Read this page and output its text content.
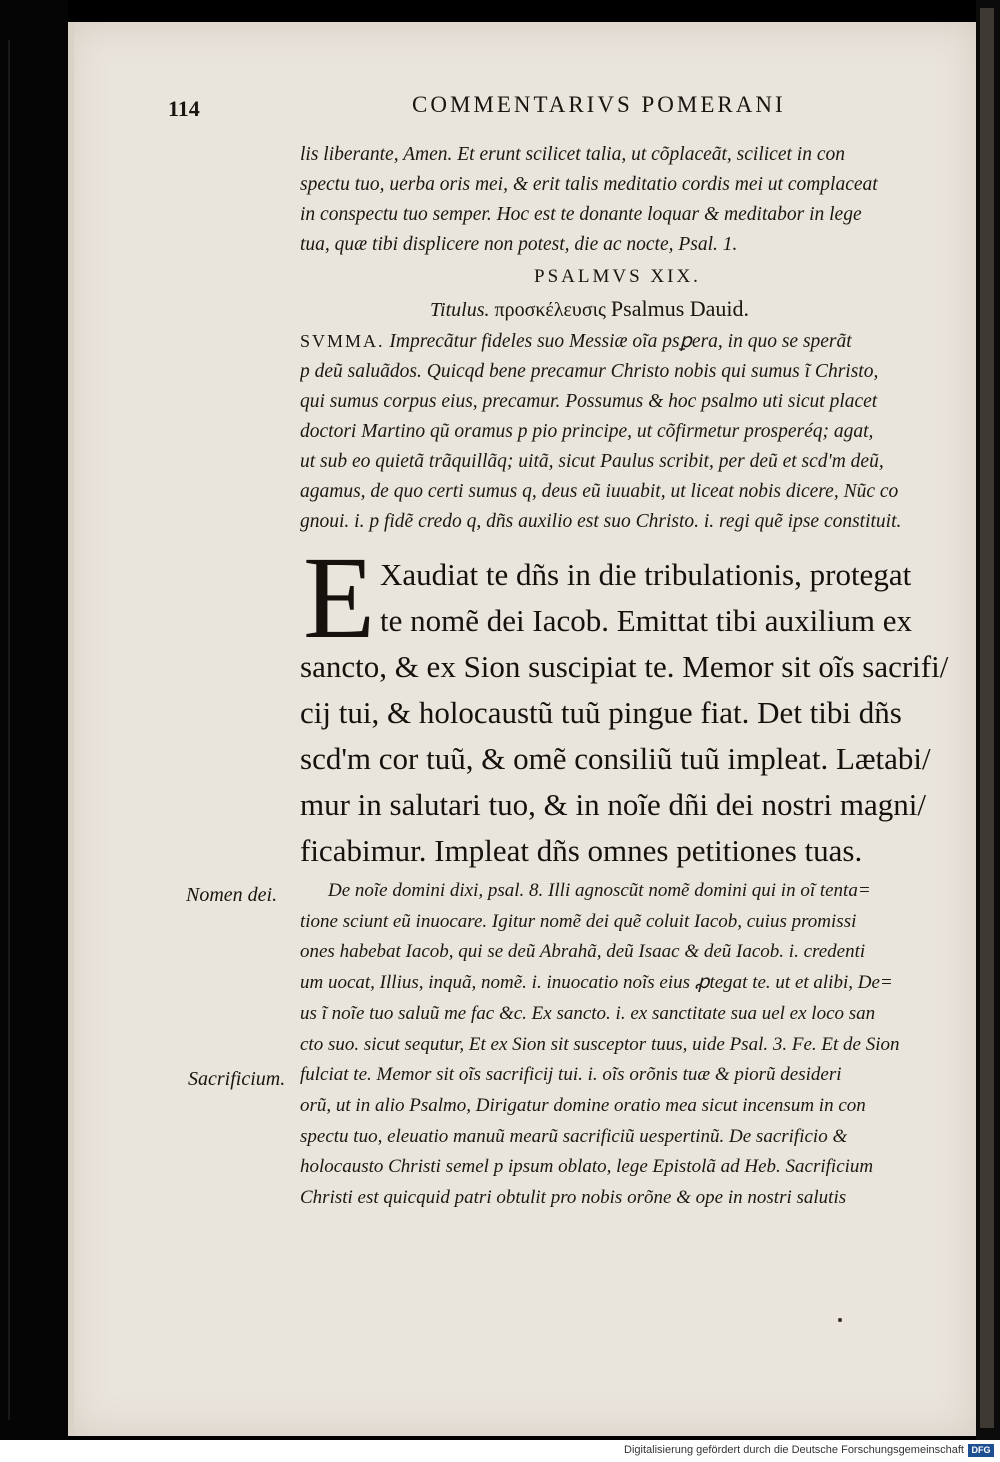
114	COMMENTARIVS POMERANI
lis liberante, Amen. Et erunt scilicet talia, ut cõplaceãt, scilicet in con
spectu tuo, uerba oris mei, & erit talis meditatio cordis mei ut complaceat
in conspectu tuo semper. Hoc est te donante loquar & meditabor in lege
tua, quæ tibi displicere non potest, die ac nocte, Psal. 1.
PSALMVS XIX.
Titulus. προσκέλευσις Psalmus Dauid.
SVMMA. Imprecãtur fideles suo Messiæ oĩa psꝑera, in quo se sperãt
p deũ saluãdos. Quicqd bene precamur Christo nobis qui sumus ĩ Christo,
qui sumus corpus eius, precamur. Possumus & hoc psalmo uti sicut placet
doctori Martino qũ oramus p pio principe, ut cõfirmetur prosperéq; agat,
ut sub eo quietã trãquillãq; uitã, sicut Paulus scribit, per deũ et scd'm deũ,
agamus, de quo certi sumus q, deus eũ iuuabit, ut liceat nobis dicere, Nũc co
gnoui. i. p fidẽ credo q, dñs auxilio est suo Christo. i. regi quẽ ipse constituit.
E Xaudiat te dñs in die tribulationis, protegat
te nomẽ dei Iacob. Emittat tibi auxilium ex
sancto, & ex Sion suscipiat te. Memor sit oĩs sacrifi/
cij tui, & holocaustũ tuũ pingue fiat. Det tibi dñs
scd'm cor tuũ, & omẽ consiliũ tuũ impleat. Lætabi/
mur in salutari tuo, & in noĩe dñi dei nostri magni/
ficabimur. Impleat dñs omnes petitiones tuas.
Nomen dei.
Sacrificium.
De noĩe domini dixi, psal. 8. Illi agnoscũt nomẽ domini qui in oĩ tenta=
tione sciunt eũ inuocare. Igitur nomẽ dei quẽ coluit Iacob, cuius promissi
ones habebat Iacob, qui se deũ Abrahã, deũ Isaac & deũ Iacob. i. credenti
um uocat, Illius, inquã, nomẽ. i. inuocatio noĩs eius ꝓtegat te. ut et alibi, De=
us ĩ noĩe tuo saluũ me fac &c. Ex sancto. i. ex sanctitate sua uel ex loco san
cto suo. sicut sequtur, Et ex Sion sit susceptor tuus, uide Psal. 3. Fe. Et de Sion
fulciat te. Memor sit oĩs sacrificij tui. i. oĩs orõnis tuæ & piorũ desideri
orũ, ut in alio Psalmo, Dirigatur domine oratio mea sicut incensum in con
spectu tuo, eleuatio manuũ mearũ sacrificiũ uespertinũ. De sacrificio &
holocausto Christi semel p ipsum oblato, lege Epistolã ad Heb. Sacrificium
Christi est quicquid patri obtulit pro nobis orõne & ope in nostri salutis
Digitalisierung gefördert durch die Deutsche Forschungsgemeinschaft DFG
